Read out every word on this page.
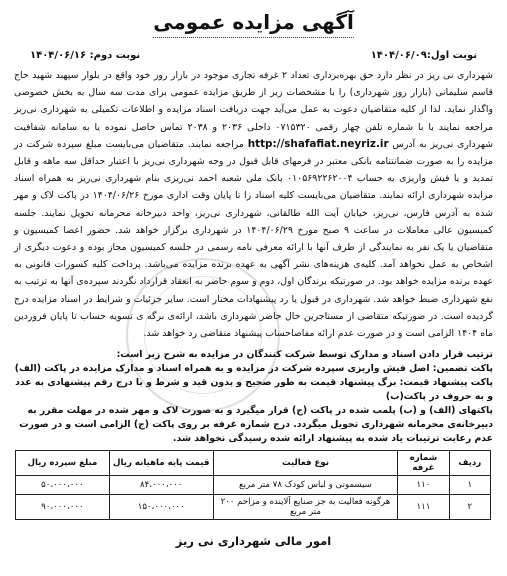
آگهی مزایده عمومی
نوبت اول:۱۴۰۴/۰۶/۰۹
نوبت دوم: ۱۴۰۴/۰۶/۱۶
شهرداری نی ریز در نظر دارد حق بهره‌برداری تعداد ۲ غرفه تجاری موجود در بازار روز خود واقع در بلوار سپهبد شهید حاج قاسم سلیمانی (بازار روز شهرداری) را با مشخصات زیر از طریق مزایده عمومی برای مدت سه سال به بخش خصوصی واگذار نماید. لذا از کلیه متقاضیان دعوت به عمل می‌آید جهت دریافت اسناد مزایده و اطلاعات تکمیلی به شهرداری نی‌ریز مراجعه نمایند یا با شماره تلفن چهار رقمی ۰۷۱۵۳۲۰ داخلی ۲۰۳۶ و ۲۰۳۸ تماس حاصل نموده یا به سامانه شفافیت شهرداری نی‌ریز به آدرس http://shafafiat.neyriz.ir مراجعه نمایند. متقاضیان می‌بایست مبلغ سپرده شرکت در مزایده را به صورت ضمانتنامه بانکی معتبر در فرمهای قابل قبول در وجه شهرداری نی‌ریز با اعتبار حداقل سه ماهه و قابل تمدید و یا فیش واریزی به حساب ۰۱۰۵۶۹۲۲۶۲۰۰۴ بانک ملی شعبه احمد نی‌ریزی بنام شهرداری نی‌ریز به همراه اسناد مزایده شهرداری ارائه نمایند. متقاضیان می‌بایست کلیه اسناد را تا پایان وقت اداری مورخ ۱۴۰۴/۰۶/۲۶ در پاکت لاک و مهر شده به آدرس فارس، نی‌ریز، خیابان آیت الله طالقانی، شهرداری نی‌ریز، واحد دبیرخانه محرمانه تحویل نمایند. جلسه کمیسیون عالی معاملات در ساعت ۹ صبح مورخ ۱۴۰۴/۰۶/۲۹ در شهرداری برگزار خواهد شد. حضور اعضا کمیسیون و متقاضیان یا یک نفر به نمایندگی از طرف آنها با ارائه معرفی نامه رسمی در جلسه کمیسیون مجاز بوده و دعوت دیگری از اشخاص به عمل نخواهد آمد. کلیه‌ی هزینه‌های نشر آگهی به عهده برنده مزایده می‌باشد. پرداخت کلیه کسورات قانونی به عهده برنده مزایده خواهد بود. در صورتیکه برندگان اول، دوم و سوم حاضر به انعقاد قرارداد نگردند سپرده‌ی آنها به ترتیب به نفع شهرداری ضبط خواهد شد. شهرداری در قبول یا رد پیشنهادات مختار است. سایر جزئیات و شرایط در اسناد مزایده درج گردیده است. در صورتیکه متقاضی از مستاجرین حال حاضر شهرداری باشد، ارائه‌ی برگه ی تسویه حساب تا پایان فروردین ماه ۱۴۰۴ الزامی است و در صورت عدم ارائه مفاصاحساب پیشنهاد متقاضی رد خواهد شد.
ترتیب قرار دادن اسناد و مدارک توسط شرکت کنندگان در مزایده به شرح زیر است:
پاکت تضمین: اصل فیش واریزی سپرده شرکت در مزایده و به همراه اسناد و مدارک مزایده در پاکت (الف)
پاکت پیشنهاد قیمت: برگ پیشنهاد قیمت به طور صحیح و بدون قید و شرط و با درج رقم پیشنهادی به عدد و به حروف در پاکت(ب)
پاکتهای (الف) و (ب) پلمب شده در پاکت (ج) قرار میگیرد و به صورت لاک و مهر شده در مهلت مقرر به دبیرخانه‌ی محرمانه شهرداری تحویل میگردد. درج شماره غرفه بر روی پاکت (ج) الزامی است و در صورت عدم رعایت ترتیبات یاد شده به پیشنهاد ارائه شده رسیدگی نخواهد شد.
ردیف	شماره غرفه	نوع فعالیت	قیمت پایه ماهیانه ریال	مبلغ سپرده ریال
۱	۱۱۰	سیسمونی و لباس کودک ۷۸ متر مربع	۸۴،۰۰۰،۰۰۰	۵۰،۰۰۰،۰۰۰
۲	۱۱۱	هرگونه فعالیت به جز صنایع آلاینده و مزاحم ۲۰۰ متر مربع	۱۵۰،۰۰۰،۰۰۰	۹۰،۰۰۰،۰۰۰
امور مالی شهرداری نی ریز
